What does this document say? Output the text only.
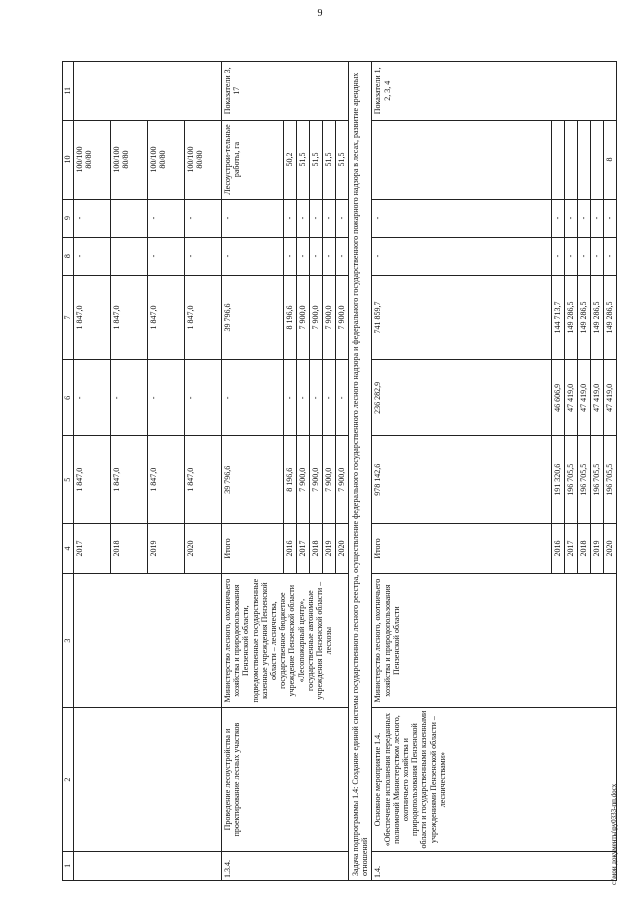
9
1	2	3	4	5	6	7	8	9	10	11
			2017	1 847,0	-	1 847,0	-	-	100/100
80/80	
			2018	1 847,0	-	1 847,0			100/100
80/80	
			2019	1 847,0	-	1 847,0	-	-	100/100
80/80	
			2020	1 847,0	-	1 847,0	-	-	100/100
80/80	
1.3.4.	Проведение лесоустройства и проектирование лесных участков	Министерство лесного, охотничьего хозяйства и природопользования Пензенской области, подведомственные государственные казенные учреждения Пензенской области – лесничества, государственное бюджетное учреждение Пензенской области «Лесопожарный центр», государственные автономные учреждения Пензенской области – лесхозы	Итого	39 796,6	-	39 796,6	-	-	Лесоустрои-тельные работы, га	Показатели 3, 17
			2016	8 196,6	-	8 196,6	-	-	50,2	
			2017	7 900,0	-	7 900,0	-	-	51,5	
			2018	7 900,0	-	7 900,0	-	-	51,5	
			2019	7 900,0	-	7 900,0	-	-	51,5	
			2020	7 900,0	-	7 900,0	-	-	51,5	
Задача подпрограммы 1.4: Создание единой системы государственного лесного реестра, осуществление федерального государственного лесного надзора и федерального государственного пожарного надзора в лесах, развитие арендных отношений										
1.4.	Основное мероприятие 1.4. «Обеспечение исполнения переданных полномочий Министерством лесного, охотничьего хозяйства и природопользования Пензенской области и государственными казенными учреждениями Пензенской области – лесничествами»	Министерство лесного, охотничьего хозяйства и природопользования Пензенской области	Итого	978 142,6	236 282,9	741 859,7	-	-		Показатели 1, 2, 3, 4
			2016	191 320,6	46 606,9	144 713,7	-	-		
			2017	196 705,5	47 419,0	149 286,5	-	-		
			2018	196 705,5	47 419,0	149 286,5	-	-		
			2019	196 705,5	47 419,0	149 286,5	-	-		
			2020	196 705,5	47 419,0	149 286,5	-	-	8	
c:\мои документы\ру0333-пп.docx
